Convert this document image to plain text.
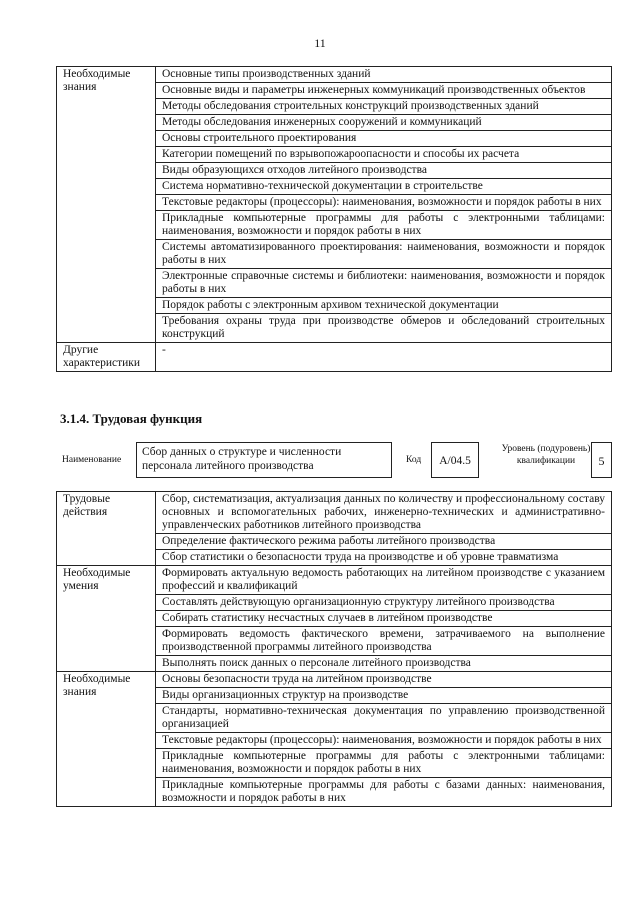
11
Необходимые знания	Основные типы производственных зданий
	Основные виды и параметры инженерных коммуникаций производственных объектов
	Методы обследования строительных конструкций производственных зданий
	Методы обследования инженерных сооружений и коммуникаций
	Основы строительного проектирования
	Категории помещений по взрывопожароопасности и способы их расчета
	Виды образующихся отходов литейного производства
	Система нормативно-технической документации в строительстве
	Текстовые редакторы (процессоры): наименования, возможности и порядок работы в них
	Прикладные компьютерные программы для работы с электронными таблицами: наименования, возможности и порядок работы в них
	Системы автоматизированного проектирования: наименования, возможности и порядок работы в них
	Электронные справочные системы и библиотеки: наименования, возможности и порядок работы в них
	Порядок работы с электронным архивом технической документации
	Требования охраны труда при производстве обмеров и обследований строительных конструкций
Другие характеристики	-
3.1.4. Трудовая функция
Наименование
Сбор данных о структуре и численности персонала литейного производства	Код	A/04.5
Уровень (подуровень) квалификации	5
Трудовые действия	Сбор, систематизация, актуализация данных по количеству и профессиональному составу основных и вспомогательных рабочих, инженерно-технических и административно-управленческих работников литейного производства
	Определение фактического режима работы литейного производства
	Сбор статистики о безопасности труда на производстве и об уровне травматизма
Необходимые умения	Формировать актуальную ведомость работающих на литейном производстве с указанием профессий и квалификаций
	Составлять действующую организационную структуру литейного производства
	Собирать статистику несчастных случаев в литейном производстве
	Формировать ведомость фактического времени, затрачиваемого на выполнение производственной программы литейного производства
	Выполнять поиск данных о персонале литейного производства
Необходимые знания	Основы безопасности труда на литейном производстве
	Виды организационных структур на производстве
	Стандарты, нормативно-техническая документация по управлению производственной организацией
	Текстовые редакторы (процессоры): наименования, возможности и порядок работы в них
	Прикладные компьютерные программы для работы с электронными таблицами: наименования, возможности и порядок работы в них
	Прикладные компьютерные программы для работы с базами данных: наименования, возможности и порядок работы в них
